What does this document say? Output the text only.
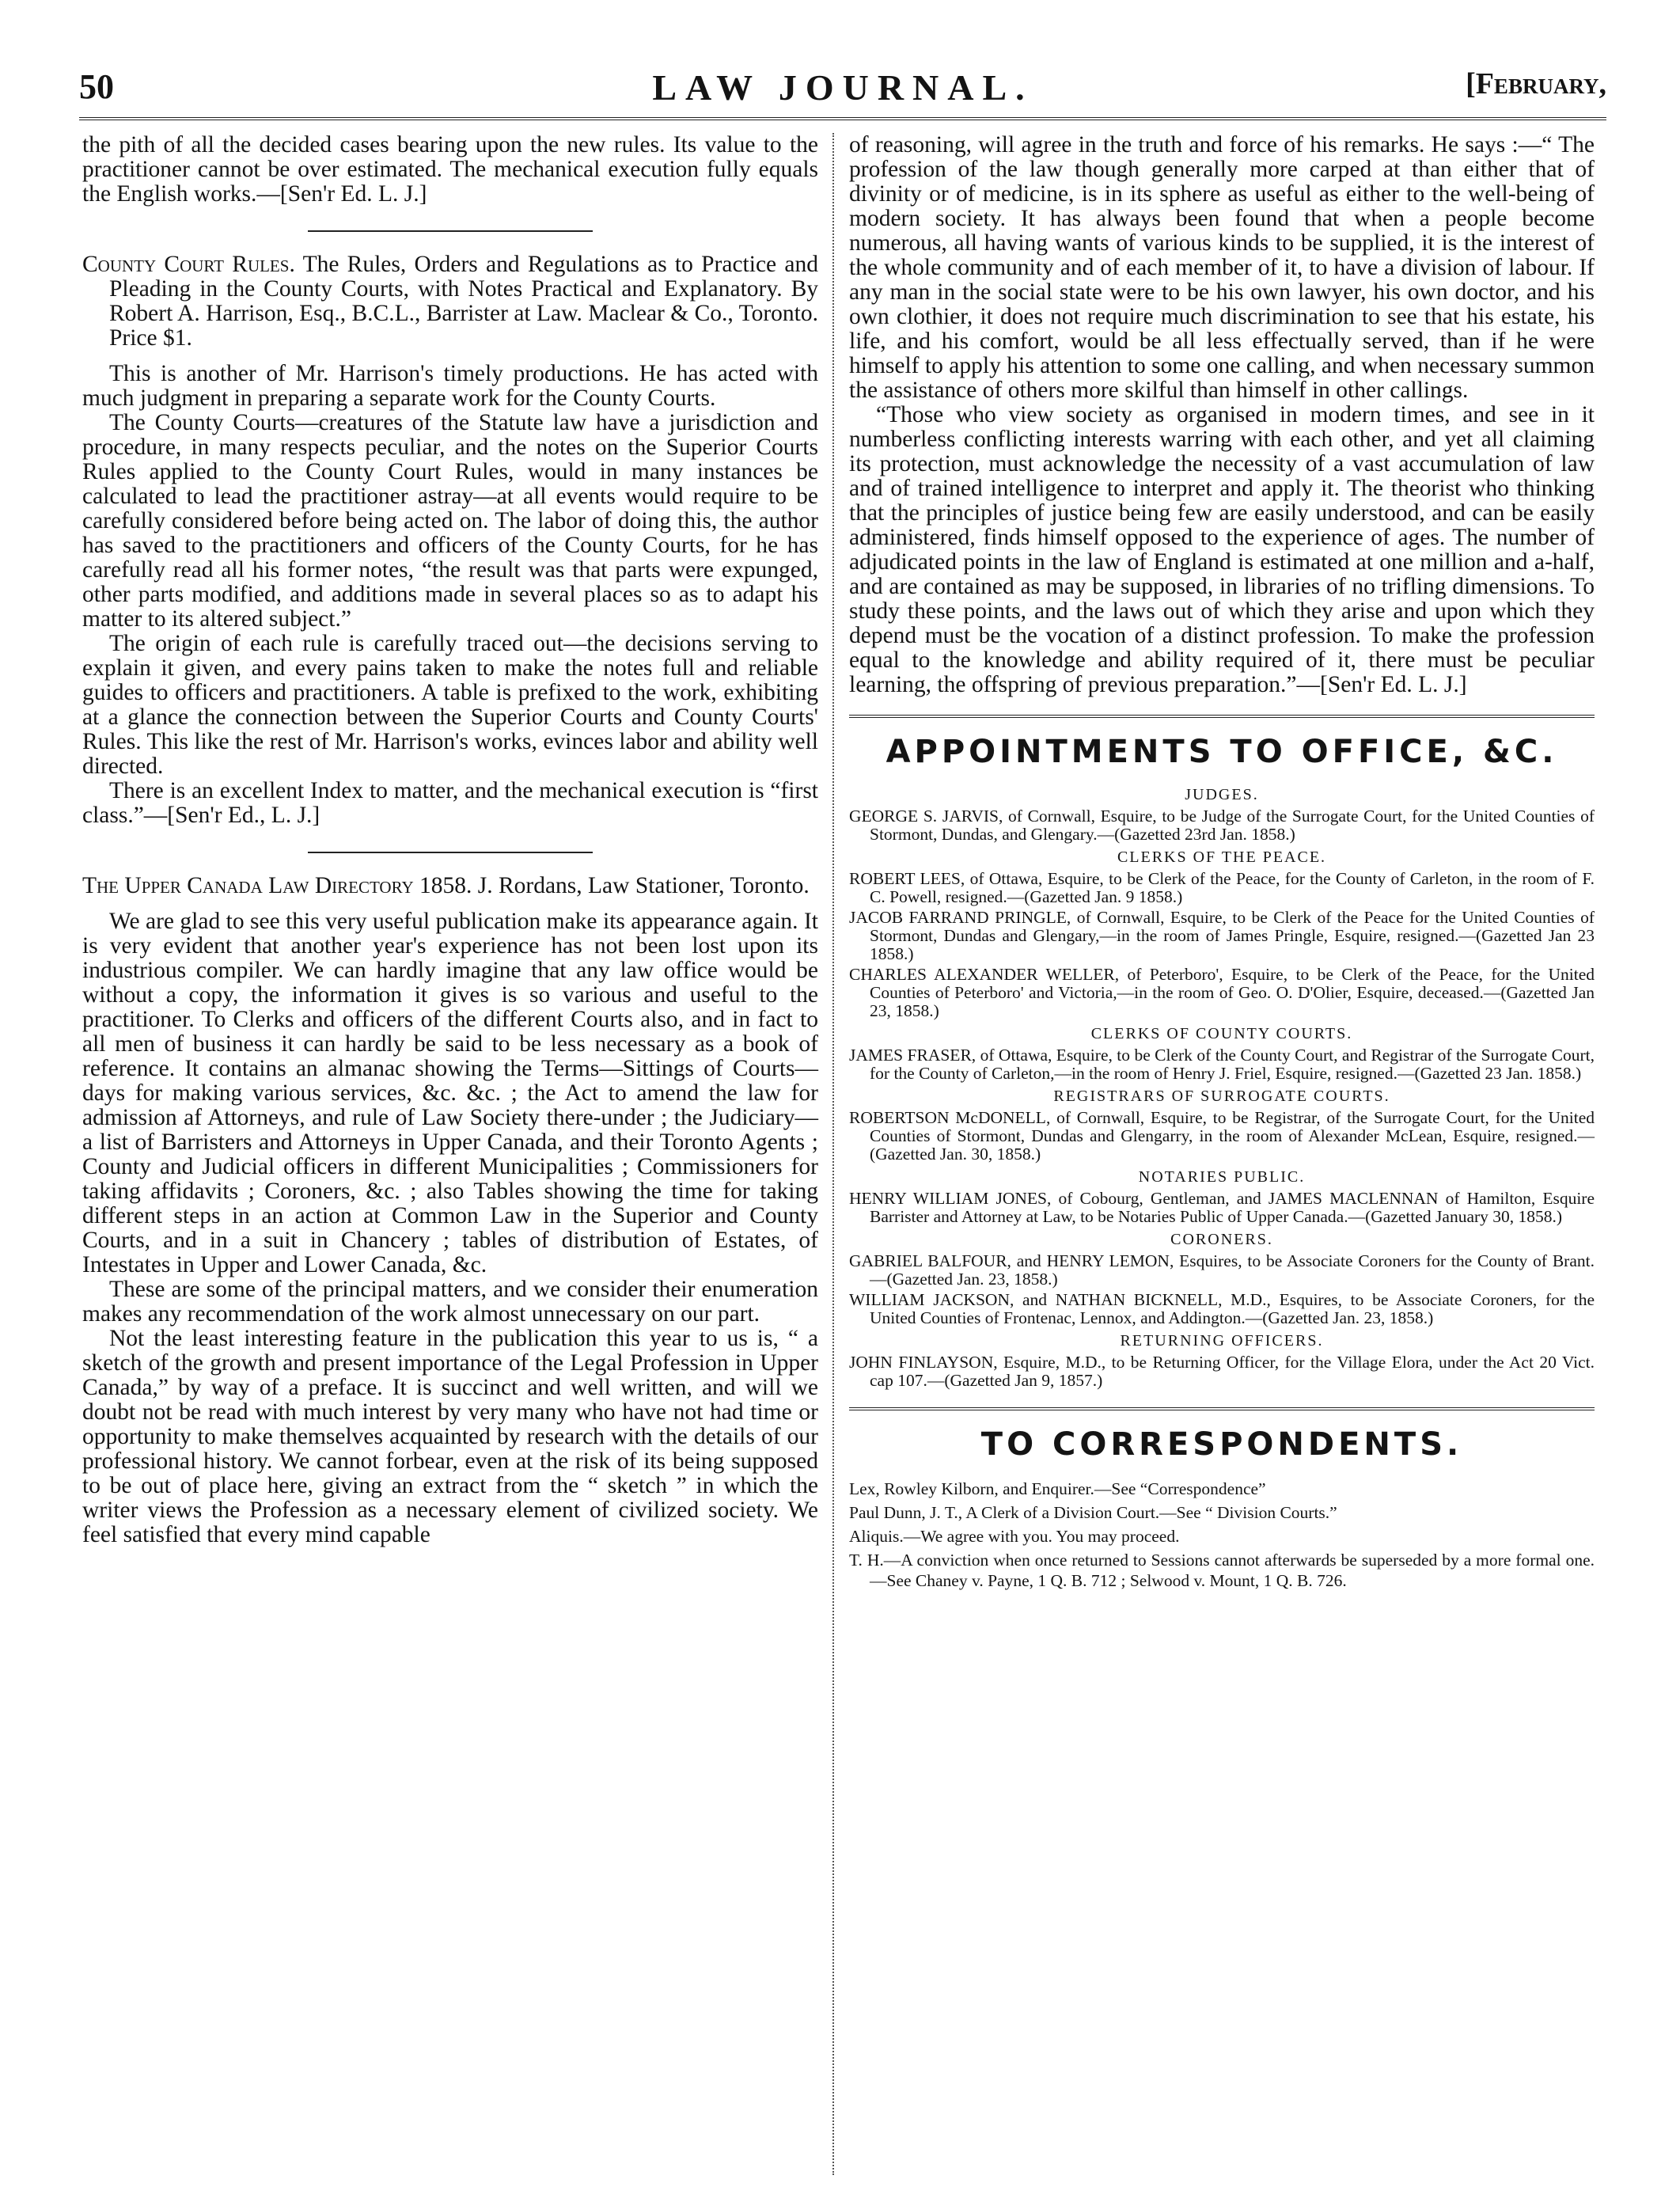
50	LAW JOURNAL.	[February,

the pith of all the decided cases bearing upon the new rules. Its value to the practitioner cannot be over estimated. The mechanical execution fully equals the English works.—[Sen'r Ed. L. J.]

County Court Rules. The Rules, Orders and Regulations as to Practice and Pleading in the County Courts, with Notes Practical and Explanatory. By Robert A. Harrison, Esq., B.C.L., Barrister at Law. Maclear & Co., Toronto. Price $1.

This is another of Mr. Harrison's timely productions. He has acted with much judgment in preparing a separate work for the County Courts.

The County Courts—creatures of the Statute law have a jurisdiction and procedure, in many respects peculiar, and the notes on the Superior Courts Rules applied to the County Court Rules, would in many instances be calculated to lead the practitioner astray—at all events would require to be carefully considered before being acted on. The labor of doing this, the author has saved to the practitioners and officers of the County Courts, for he has carefully read all his former notes, “the result was that parts were expunged, other parts modified, and additions made in several places so as to adapt his matter to its altered subject.”

The origin of each rule is carefully traced out—the decisions serving to explain it given, and every pains taken to make the notes full and reliable guides to officers and practitioners. A table is prefixed to the work, exhibiting at a glance the connection between the Superior Courts and County Courts' Rules. This like the rest of Mr. Harrison's works, evinces labor and ability well directed.

There is an excellent Index to matter, and the mechanical execution is “first class.”—[Sen'r Ed., L. J.]

The Upper Canada Law Directory 1858. J. Rordans, Law Stationer, Toronto.

We are glad to see this very useful publication make its appearance again. It is very evident that another year's experience has not been lost upon its industrious compiler. We can hardly imagine that any law office would be without a copy, the information it gives is so various and useful to the practitioner. To Clerks and officers of the different Courts also, and in fact to all men of business it can hardly be said to be less necessary as a book of reference. It contains an almanac showing the Terms—Sittings of Courts—days for making various services, &c. &c. ; the Act to amend the law for admission af Attorneys, and rule of Law Society there-under ; the Judiciary—a list of Barristers and Attorneys in Upper Canada, and their Toronto Agents ; County and Judicial officers in different Municipalities ; Commissioners for taking affidavits ; Coroners, &c. ; also Tables showing the time for taking different steps in an action at Common Law in the Superior and County Courts, and in a suit in Chancery ; tables of distribution of Estates, of Intestates in Upper and Lower Canada, &c.

These are some of the principal matters, and we consider their enumeration makes any recommendation of the work almost unnecessary on our part.

Not the least interesting feature in the publication this year to us is, “ a sketch of the growth and present importance of the Legal Profession in Upper Canada,” by way of a preface. It is succinct and well written, and will we doubt not be read with much interest by very many who have not had time or opportunity to make themselves acquainted by research with the details of our professional history. We cannot forbear, even at the risk of its being supposed to be out of place here, giving an extract from the “ sketch ” in which the writer views the Profession as a necessary element of civilized society. We feel satisfied that every mind capable

of reasoning, will agree in the truth and force of his remarks. He says :—“ The profession of the law though generally more carped at than either that of divinity or of medicine, is in its sphere as useful as either to the well-being of modern society. It has always been found that when a people become numerous, all having wants of various kinds to be supplied, it is the interest of the whole community and of each member of it, to have a division of labour. If any man in the social state were to be his own lawyer, his own doctor, and his own clothier, it does not require much discrimination to see that his estate, his life, and his comfort, would be all less effectually served, than if he were himself to apply his attention to some one calling, and when necessary summon the assistance of others more skilful than himself in other callings.

“Those who view society as organised in modern times, and see in it numberless conflicting interests warring with each other, and yet all claiming its protection, must acknowledge the necessity of a vast accumulation of law and of trained intelligence to interpret and apply it. The theorist who thinking that the principles of justice being few are easily understood, and can be easily administered, finds himself opposed to the experience of ages. The number of adjudicated points in the law of England is estimated at one million and a-half, and are contained as may be supposed, in libraries of no trifling dimensions. To study these points, and the laws out of which they arise and upon which they depend must be the vocation of a distinct profession. To make the profession equal to the knowledge and ability required of it, there must be peculiar learning, the offspring of previous preparation.”—[Sen'r Ed. L. J.]

APPOINTMENTS TO OFFICE, &C.
JUDGES.

GEORGE S. JARVIS, of Cornwall, Esquire, to be Judge of the Surrogate Court, for the United Counties of Stormont, Dundas, and Glengary.—(Gazetted 23rd Jan. 1858.)

CLERKS OF THE PEACE.

ROBERT LEES, of Ottawa, Esquire, to be Clerk of the Peace, for the County of Carleton, in the room of F. C. Powell, resigned.—(Gazetted Jan. 9 1858.)

JACOB FARRAND PRINGLE, of Cornwall, Esquire, to be Clerk of the Peace for the United Counties of Stormont, Dundas and Glengary,—in the room of James Pringle, Esquire, resigned.—(Gazetted Jan 23 1858.)

CHARLES ALEXANDER WELLER, of Peterboro', Esquire, to be Clerk of the Peace, for the United Counties of Peterboro' and Victoria,—in the room of Geo. O. D'Olier, Esquire, deceased.—(Gazetted Jan 23, 1858.)

CLERKS OF COUNTY COURTS.

JAMES FRASER, of Ottawa, Esquire, to be Clerk of the County Court, and Registrar of the Surrogate Court, for the County of Carleton,—in the room of Henry J. Friel, Esquire, resigned.—(Gazetted 23 Jan. 1858.)

REGISTRARS OF SURROGATE COURTS.

ROBERTSON McDONELL, of Cornwall, Esquire, to be Registrar, of the Surrogate Court, for the United Counties of Stormont, Dundas and Glengarry, in the room of Alexander McLean, Esquire, resigned.—(Gazetted Jan. 30, 1858.)

NOTARIES PUBLIC.

HENRY WILLIAM JONES, of Cobourg, Gentleman, and JAMES MACLENNAN of Hamilton, Esquire Barrister and Attorney at Law, to be Notaries Public of Upper Canada.—(Gazetted January 30, 1858.)

CORONERS.

GABRIEL BALFOUR, and HENRY LEMON, Esquires, to be Associate Coroners for the County of Brant.—(Gazetted Jan. 23, 1858.)

WILLIAM JACKSON, and NATHAN BICKNELL, M.D., Esquires, to be Associate Coroners, for the United Counties of Frontenac, Lennox, and Addington.—(Gazetted Jan. 23, 1858.)

RETURNING OFFICERS.

JOHN FINLAYSON, Esquire, M.D., to be Returning Officer, for the Village Elora, under the Act 20 Vict. cap 107.—(Gazetted Jan 9, 1857.)

TO CORRESPONDENTS.

Lex, Rowley Kilborn, and Enquirer.—See “Correspondence”

Paul Dunn, J. T., A Clerk of a Division Court.—See “ Division Courts.”

Aliquis.—We agree with you. You may proceed.

T. H.—A conviction when once returned to Sessions cannot afterwards be superseded by a more formal one.—See Chaney v. Payne, 1 Q. B. 712 ; Selwood v. Mount, 1 Q. B. 726.
